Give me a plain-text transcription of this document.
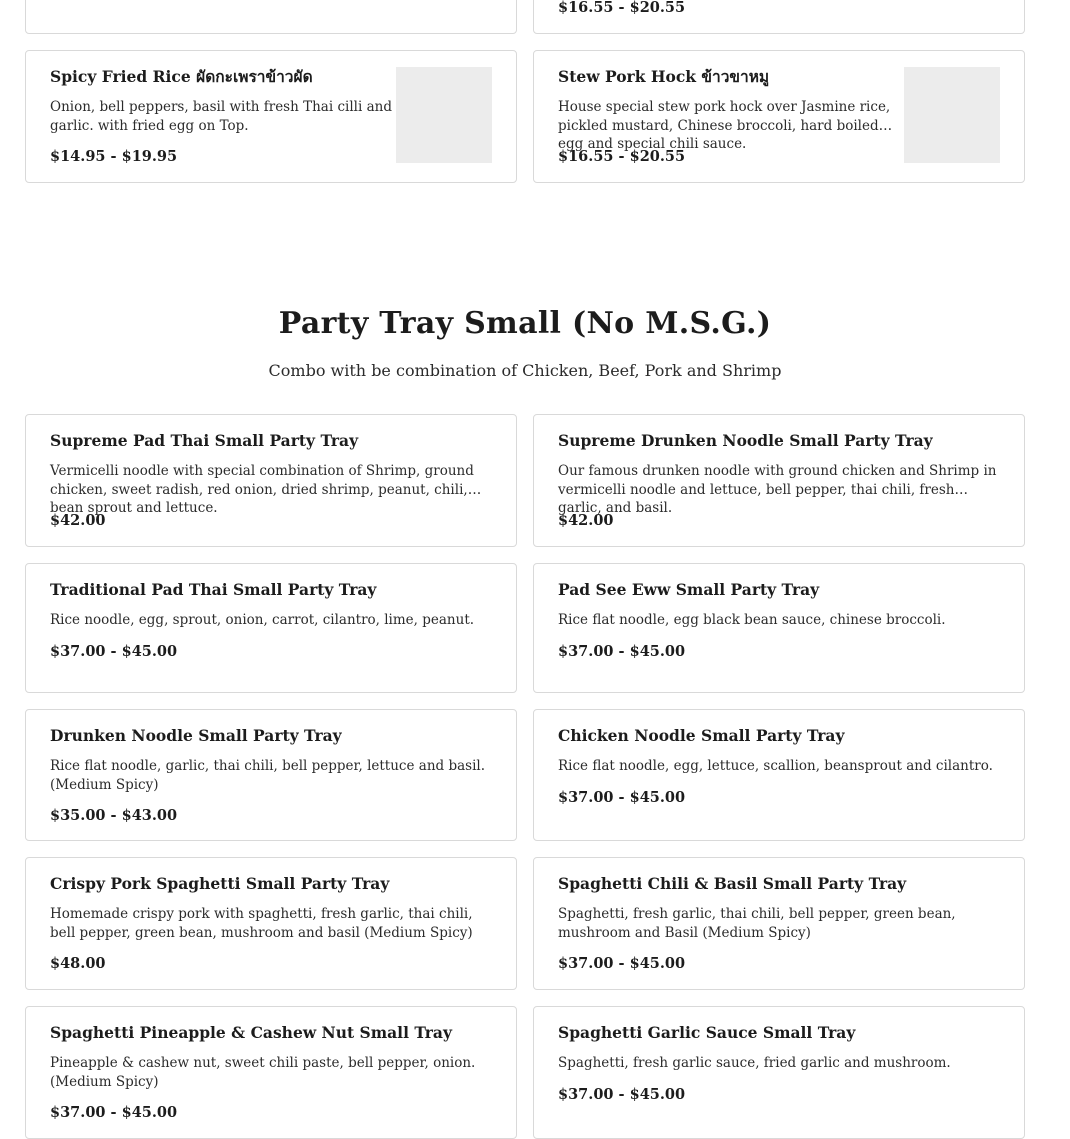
$16.55 - $20.55
Spicy Fried Rice ผัดกะเพราข้าวผัด
Onion, bell peppers, basil with fresh Thai cilli and garlic. with fried egg on Top.
$14.95 - $19.95
Stew Pork Hock ข้าวขาหมู
House special stew pork hock over Jasmine rice, pickled mustard, Chinese broccoli, hard boiled egg and special chili sauce.
$16.55 - $20.55
Party Tray Small (No M.S.G.)
Combo with be combination of Chicken, Beef, Pork and Shrimp
Supreme Pad Thai Small Party Tray
Vermicelli noodle with special combination of Shrimp, ground chicken, sweet radish, red onion, dried shrimp, peanut, chili, bean sprout and lettuce.
$42.00
Supreme Drunken Noodle Small Party Tray
Our famous drunken noodle with ground chicken and Shrimp in vermicelli noodle and lettuce, bell pepper, thai chili, fresh garlic, and basil.
$42.00
Traditional Pad Thai Small Party Tray
Rice noodle, egg, sprout, onion, carrot, cilantro, lime, peanut.
$37.00 - $45.00
Pad See Eww Small Party Tray
Rice flat noodle, egg black bean sauce, chinese broccoli.
$37.00 - $45.00
Drunken Noodle Small Party Tray
Rice flat noodle, garlic, thai chili, bell pepper, lettuce and basil. (Medium Spicy)
$35.00 - $43.00
Chicken Noodle Small Party Tray
Rice flat noodle, egg, lettuce, scallion, beansprout and cilantro.
$37.00 - $45.00
Crispy Pork Spaghetti Small Party Tray
Homemade crispy pork with spaghetti, fresh garlic, thai chili, bell pepper, green bean, mushroom and basil (Medium Spicy)
$48.00
Spaghetti Chili & Basil Small Party Tray
Spaghetti, fresh garlic, thai chili, bell pepper, green bean, mushroom and Basil (Medium Spicy)
$37.00 - $45.00
Spaghetti Pineapple & Cashew Nut Small Tray
Pineapple & cashew nut, sweet chili paste, bell pepper, onion. (Medium Spicy)
$37.00 - $45.00
Spaghetti Garlic Sauce Small Tray
Spaghetti, fresh garlic sauce, fried garlic and mushroom.
$37.00 - $45.00
